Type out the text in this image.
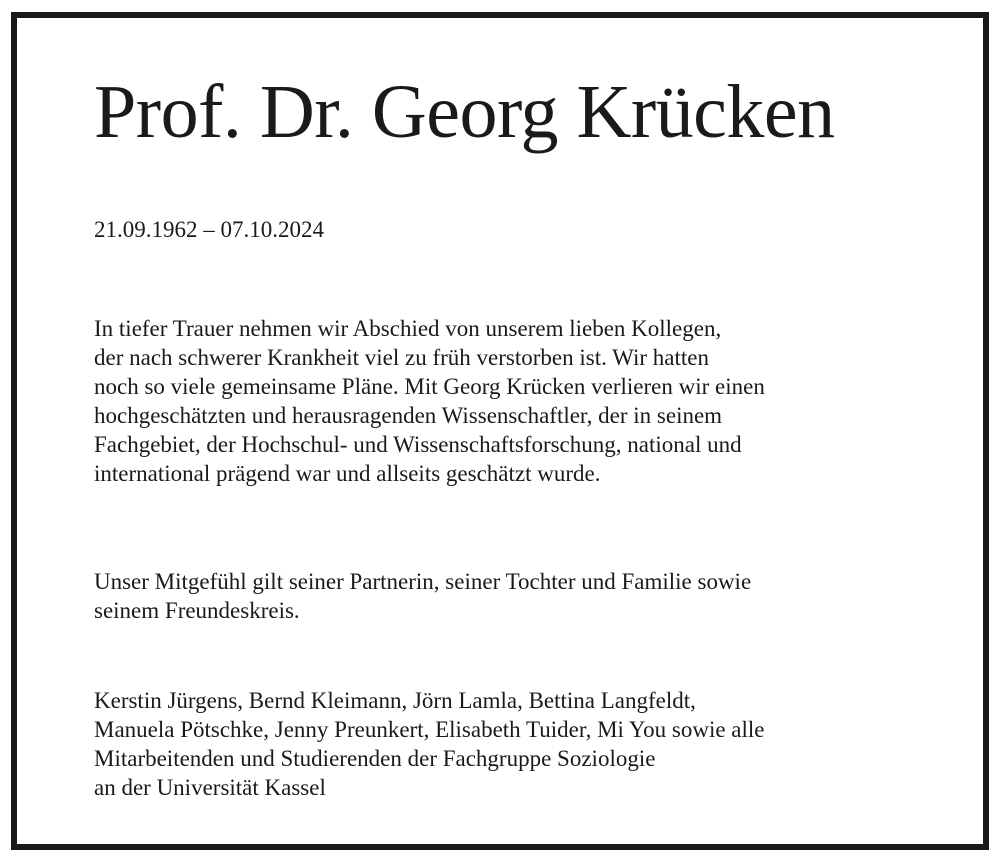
Prof. Dr. Georg Krücken

21.09.1962 – 07.10.2024

In tiefer Trauer nehmen wir Abschied von unserem lieben Kollegen,
der nach schwerer Krankheit viel zu früh verstorben ist. Wir hatten
noch so viele gemeinsame Pläne. Mit Georg Krücken verlieren wir einen
hochgeschätzten und herausragenden Wissenschaftler, der in seinem
Fachgebiet, der Hochschul- und Wissenschaftsforschung, national und
international prägend war und allseits geschätzt wurde.

Unser Mitgefühl gilt seiner Partnerin, seiner Tochter und Familie sowie
seinem Freundeskreis.

Kerstin Jürgens, Bernd Kleimann, Jörn Lamla, Bettina Langfeldt,
Manuela Pötschke, Jenny Preunkert, Elisabeth Tuider, Mi You sowie alle
Mitarbeitenden und Studierenden der Fachgruppe Soziologie
an der Universität Kassel
